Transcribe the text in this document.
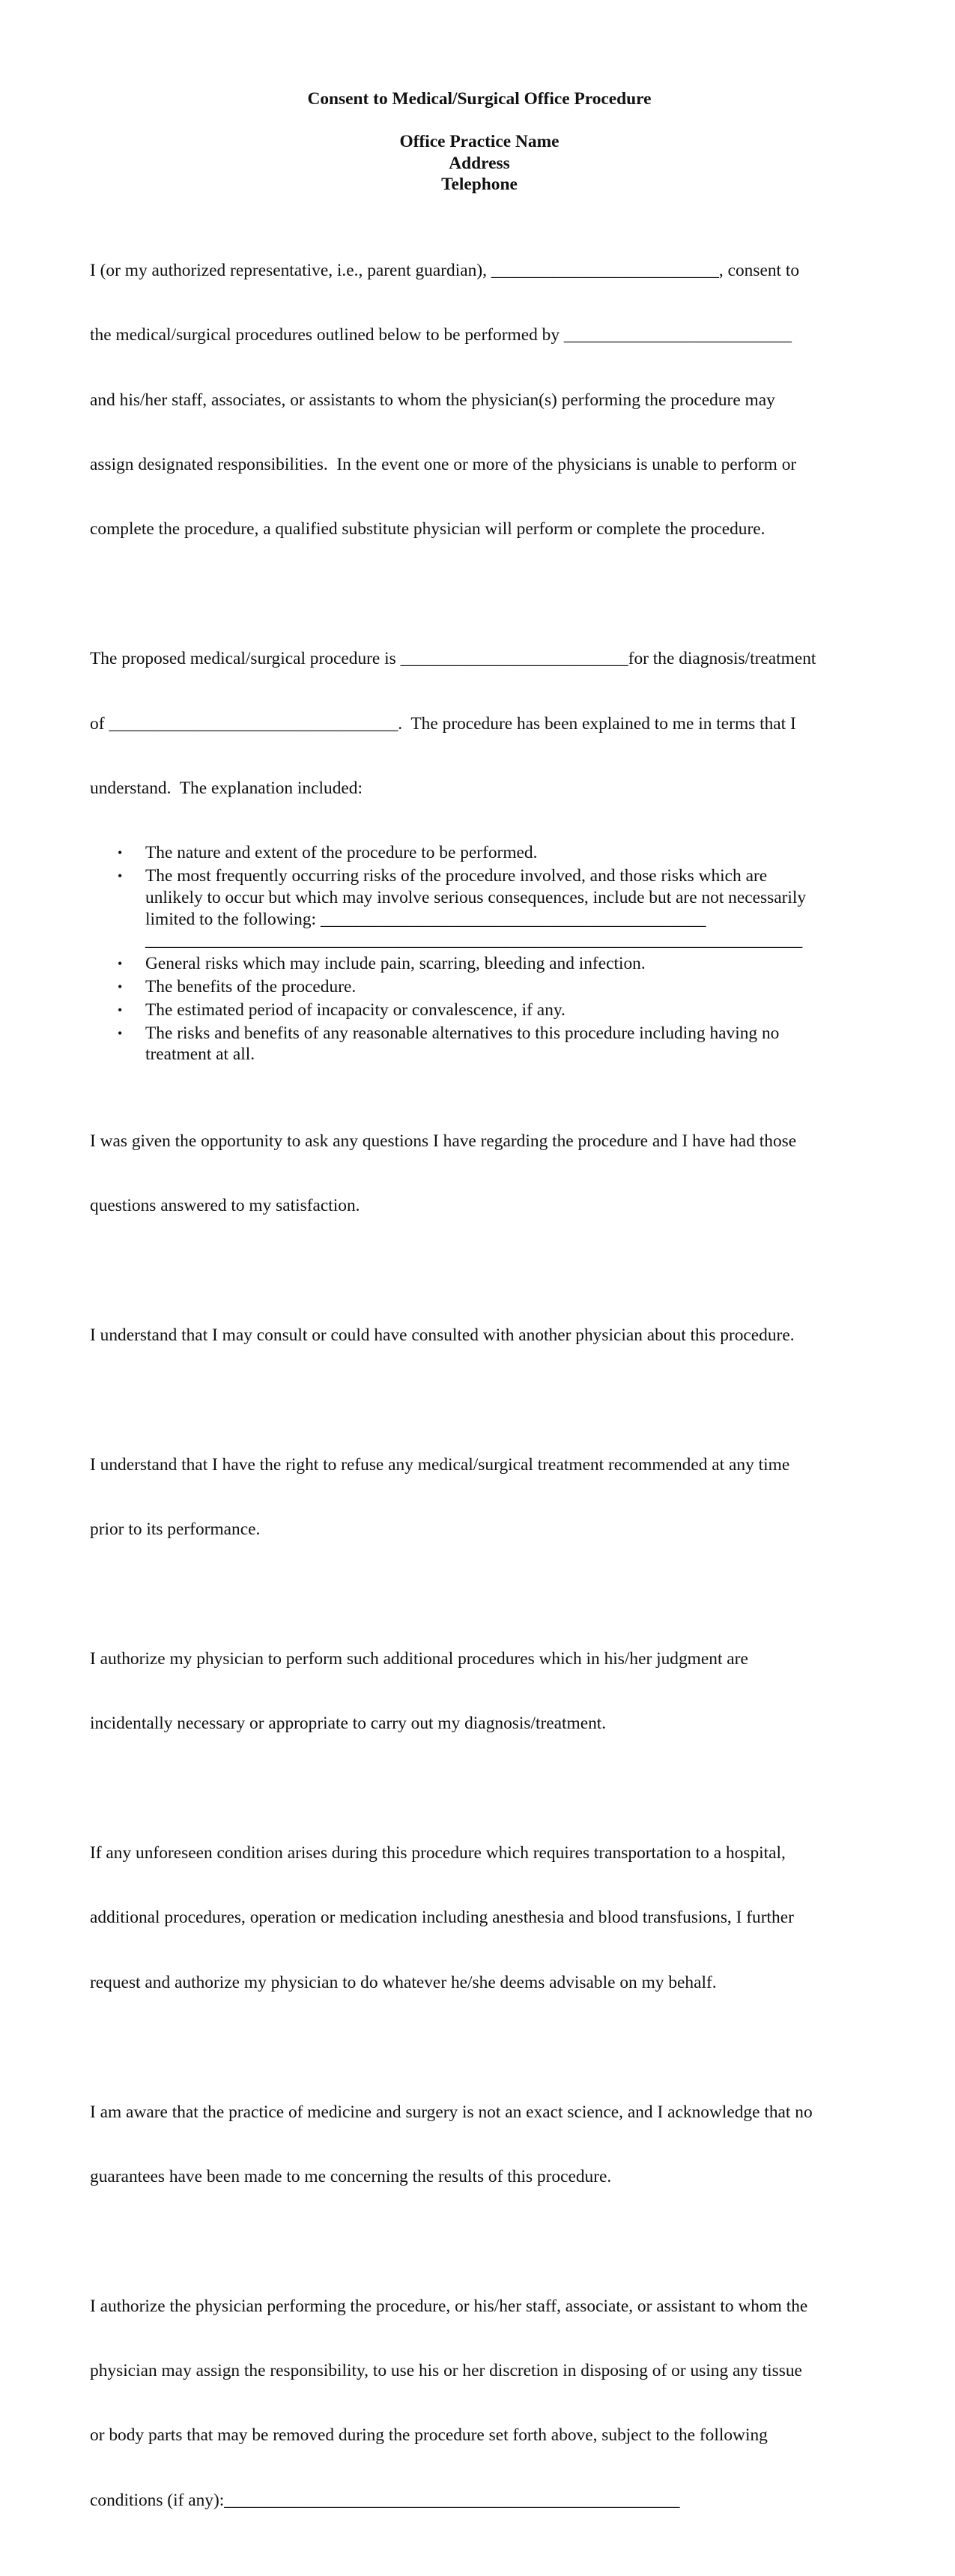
Consent to Medical/Surgical Office Procedure
Office Practice Name
Address
Telephone

I (or my authorized representative, i.e., parent guardian), __________________________, consent to

the medical/surgical procedures outlined below to be performed by __________________________

and his/her staff, associates, or assistants to whom the physician(s) performing the procedure may

assign designated responsibilities.  In the event one or more of the physicians is unable to perform or

complete the procedure, a qualified substitute physician will perform or complete the procedure.

The proposed medical/surgical procedure is __________________________for the diagnosis/treatment

of _________________________________.  The procedure has been explained to me in terms that I

understand.  The explanation included:

• The nature and extent of the procedure to be performed.
• The most frequently occurring risks of the procedure involved, and those risks which are
unlikely to occur but which may involve serious consequences, include but are not necessarily
limited to the following: ____________________________________________
___________________________________________________________________________
• General risks which may include pain, scarring, bleeding and infection.
• The benefits of the procedure.
• The estimated period of incapacity or convalescence, if any.
• The risks and benefits of any reasonable alternatives to this procedure including having no
treatment at all.

I was given the opportunity to ask any questions I have regarding the procedure and I have had those

questions answered to my satisfaction.

I understand that I may consult or could have consulted with another physician about this procedure.

I understand that I have the right to refuse any medical/surgical treatment recommended at any time

prior to its performance.

I authorize my physician to perform such additional procedures which in his/her judgment are

incidentally necessary or appropriate to carry out my diagnosis/treatment.

If any unforeseen condition arises during this procedure which requires transportation to a hospital,

additional procedures, operation or medication including anesthesia and blood transfusions, I further

request and authorize my physician to do whatever he/she deems advisable on my behalf.

I am aware that the practice of medicine and surgery is not an exact science, and I acknowledge that no

guarantees have been made to me concerning the results of this procedure.

I authorize the physician performing the procedure, or his/her staff, associate, or assistant to whom the

physician may assign the responsibility, to use his or her discretion in disposing of or using any tissue

or body parts that may be removed during the procedure set forth above, subject to the following

conditions (if any):____________________________________________________
